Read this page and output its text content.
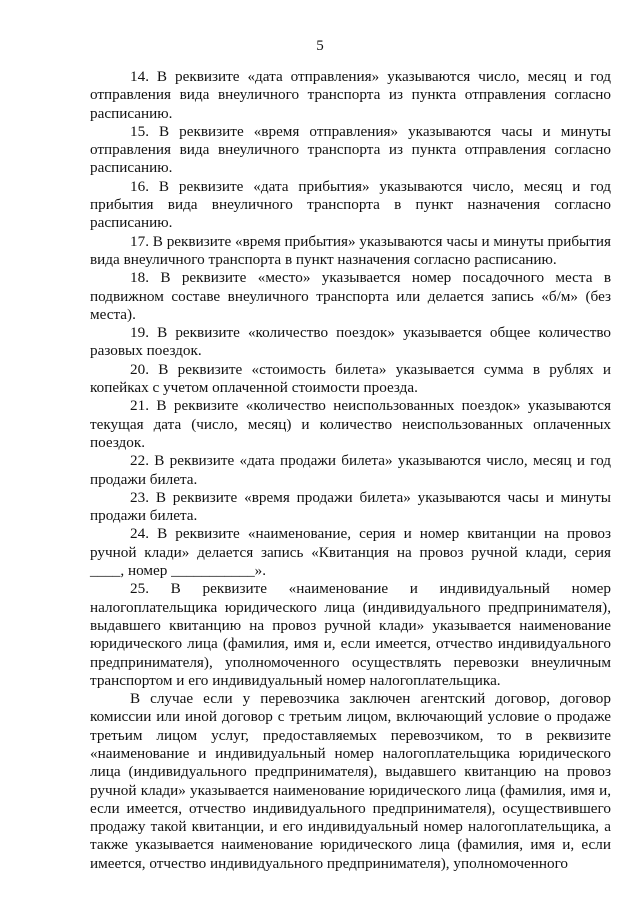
5

14. В реквизите «дата отправления» указываются число, месяц и год отправления вида внеуличного транспорта из пункта отправления согласно расписанию.

15. В реквизите «время отправления» указываются часы и минуты отправления вида внеуличного транспорта из пункта отправления согласно расписанию.

16. В реквизите «дата прибытия» указываются число, месяц и год прибытия вида внеуличного транспорта в пункт назначения согласно расписанию.

17. В реквизите «время прибытия» указываются часы и минуты прибытия вида внеуличного транспорта в пункт назначения согласно расписанию.

18. В реквизите «место» указывается номер посадочного места в подвижном составе внеуличного транспорта или делается запись «б/м» (без места).

19. В реквизите «количество поездок» указывается общее количество разовых поездок.

20. В реквизите «стоимость билета» указывается сумма в рублях и копейках с учетом оплаченной стоимости проезда.

21. В реквизите «количество неиспользованных поездок» указываются текущая дата (число, месяц) и количество неиспользованных оплаченных поездок.

22. В реквизите «дата продажи билета» указываются число, месяц и год продажи билета.

23. В реквизите «время продажи билета» указываются часы и минуты продажи билета.

24. В реквизите «наименование, серия и номер квитанции на провоз ручной клади» делается запись «Квитанция на провоз ручной клади, серия ____, номер ___________».

25. В реквизите «наименование и индивидуальный номер налогоплательщика юридического лица (индивидуального предпринимателя), выдавшего квитанцию на провоз ручной клади» указывается наименование юридического лица (фамилия, имя и, если имеется, отчество индивидуального предпринимателя), уполномоченного осуществлять перевозки внеуличным транспортом и его индивидуальный номер налогоплательщика.

В случае если у перевозчика заключен агентский договор, договор комиссии или иной договор с третьим лицом, включающий условие о продаже третьим лицом услуг, предоставляемых перевозчиком, то в реквизите «наименование и индивидуальный номер налогоплательщика юридического лица (индивидуального предпринимателя), выдавшего квитанцию на провоз ручной клади» указывается наименование юридического лица (фамилия, имя и, если имеется, отчество индивидуального предпринимателя), осуществившего продажу такой квитанции, и его индивидуальный номер налогоплательщика, а также указывается наименование юридического лица (фамилия, имя и, если имеется, отчество индивидуального предпринимателя), уполномоченного
